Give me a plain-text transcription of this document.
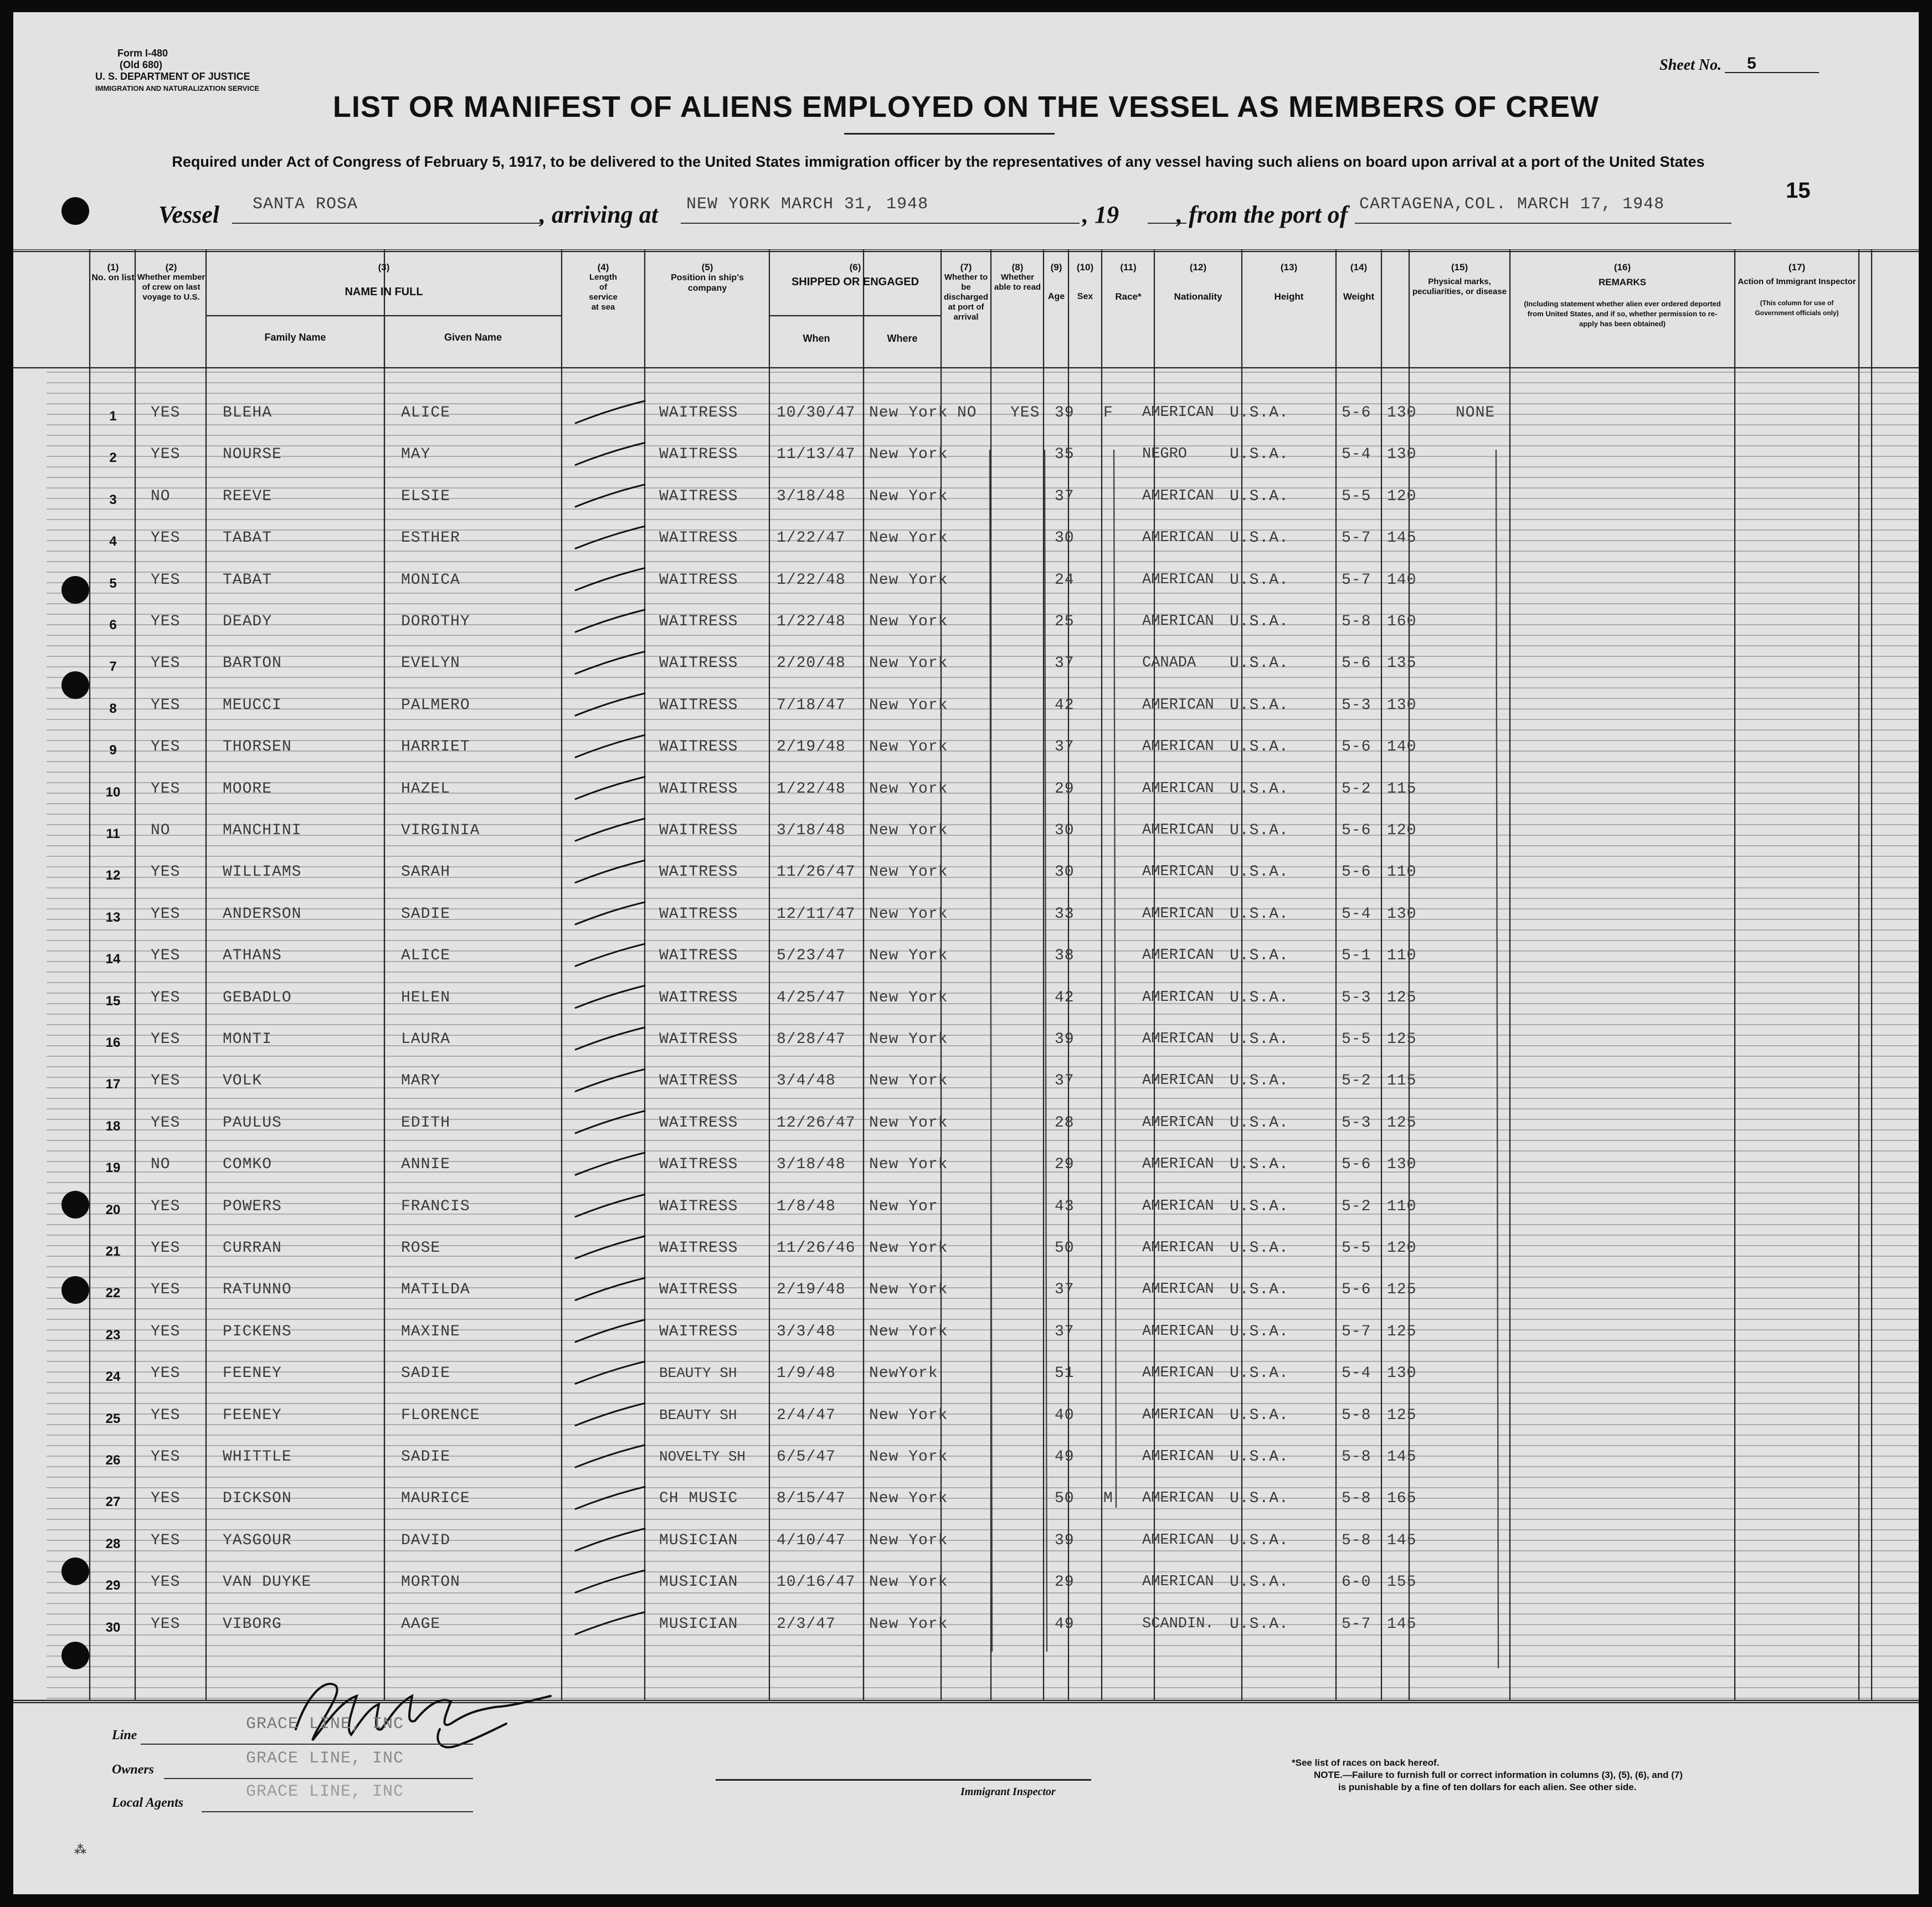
Form I-480
(Old 680)
U. S. DEPARTMENT OF JUSTICE
IMMIGRATION AND NATURALIZATION SERVICE
Sheet No. 5
LIST OR MANIFEST OF ALIENS EMPLOYED ON THE VESSEL AS MEMBERS OF CREW
Required under Act of Congress of February 5, 1917, to be delivered to the United States immigration officer by the representatives of any vessel having such aliens on board upon arrival at a port of the United States
15
Vessel SANTA ROSA	, arriving at NEW YORK MARCH 31, 1948	, 19 , from the port of CARTAGENA,COL. MARCH 17, 1948
(1)
No. on list
(2)
Whether member of crew on last voyage to U.S.
(3)
NAME IN FULL
Family Name	Given Name
(4)
Length of service at sea
(5)
Position in ship's company
(6)
SHIPPED OR ENGAGED
When	Where
(7)
Whether to be discharged at port of arrival
(8)
Whether able to read
(9)
Age
(10)
Sex
(11)
Race*
(12)
Nationality
(13)
Height
(14)
Weight
(15)
Physical marks, peculiarities, or disease
(16)
REMARKS
(Including statement whether alien ever ordered deported from United States, and if so, whether permission to re-apply has been obtained)
(17)
Action of Immigrant Inspector
(This column for use of Government officials only)
1	YES	BLEHA	ALICE	WAITRESS 10/30/47 New York NO YES 39 F AMERICAN U.S.A.	5-6 130	NONE
2	YES	NOURSE	MAY	WAITRESS 11/13/47 New York	35	NEGRO	U.S.A.	5-4 130
3	NO	REEVE	ELSIE	WAITRESS 3/18/48 New York	37	AMERICAN U.S.A.	5-5 120
4	YES	TABAT	ESTHER	WAITRESS 1/22/47 New York	30	AMERICAN U.S.A.	5-7 145
5	YES	TABAT	MONICA	WAITRESS 1/22/48 New York	24	AMERICAN U.S.A.	5-7 140
6	YES	DEADY	DOROTHY	WAITRESS 1/22/48 New York	25	AMERICAN U.S.A.	5-8 160
7	YES	BARTON	EVELYN	WAITRESS 2/20/48 New York	37	CANADA U.S.A.	5-6 135
8	YES	MEUCCI	PALMERO	WAITRESS 7/18/47 New York	42	AMERICAN U.S.A.	5-3 130
9	YES	THORSEN	HARRIET	WAITRESS 2/19/48 New York	37	AMERICAN U.S.A.	5-6 140
10	YES	MOORE	HAZEL	WAITRESS 1/22/48 New York	29	AMERICAN U.S.A.	5-2 115
11	NO	MANCHINI	VIRGINIA	WAITRESS 3/18/48 New York	30	AMERICAN U.S.A.	5-6 120
12	YES	WILLIAMS	SARAH	WAITRESS 11/26/47 New York	30	AMERICAN U.S.A.	5-6 110
13	YES	ANDERSON	SADIE	WAITRESS 12/11/47 New York	33	AMERICAN U.S.A.	5-4 130
14	YES	ATHANS	ALICE	WAITRESS 5/23/47 New York	38	AMERICAN U.S.A.	5-1 110
15	YES	GEBADLO	HELEN	WAITRESS 4/25/47 New York	42	AMERICAN U.S.A.	5-3 125
16	YES	MONTI	LAURA	WAITRESS 8/28/47 New York	39	AMERICAN U.S.A.	5-5 125
17	YES	VOLK	MARY	WAITRESS 3/4/48 New York	37	AMERICAN U.S.A.	5-2 115
18	YES	PAULUS	EDITH	WAITRESS 12/26/47 New York	28	AMERICAN U.S.A.	5-3 125
19	NO	COMKO	ANNIE	WAITRESS 3/18/48 New York	29	AMERICAN U.S.A.	5-6 130
20	YES	POWERS	FRANCIS	WAITRESS 1/8/48 New Yor	43	AMERICAN U.S.A.	5-2 110
21	YES	CURRAN	ROSE	WAITRESS 11/26/46 New York	50	AMERICAN U.S.A.	5-5 120
22	YES	RATUNNO	MATILDA	WAITRESS 2/19/48 New York	37	AMERICAN U.S.A.	5-6 125
23	YES	PICKENS	MAXINE	WAITRESS 3/3/48 New York	37	AMERICAN U.S.A.	5-7 125
24	YES	FEENEY	SADIE	BEAUTY SH	1/9/48 NewYork	51	AMERICAN U.S.A.	5-4 130
25	YES	FEENEY	FLORENCE	BEAUTY SH	2/4/47 New York	40	AMERICAN U.S.A.	5-8 125
26	YES	WHITTLE	SADIE	NOVELTY SH 6/5/47 New York	49	AMERICAN U.S.A.	5-8 145
27	YES	DICKSON	MAURICE	CH MUSIC 8/15/47 New York	50 M AMERICAN U.S.A.	5-8 165
28	YES	YASGOUR	DAVID	MUSICIAN 4/10/47 New York	39	AMERICAN U.S.A.	5-8 145
29	YES	VAN DUYKE	MORTON	MUSICIAN 10/16/47 New York	29	AMERICAN U.S.A.	6-0 155
30	YES	VIBORG	AAGE	MUSICIAN 2/3/47 New York	49	SCANDIN. U.S.A.	5-7 145
Line
GRACE LINE, INC
Owners
GRACE LINE, INC
Local Agents
GRACE LINE, INC	Immigrant Inspector
*See list of races on back hereof.
NOTE.—Failure to furnish full or correct information in columns (3), (5), (6), and (7)
is punishable by a fine of ten dollars for each alien. See other side.
⁂
